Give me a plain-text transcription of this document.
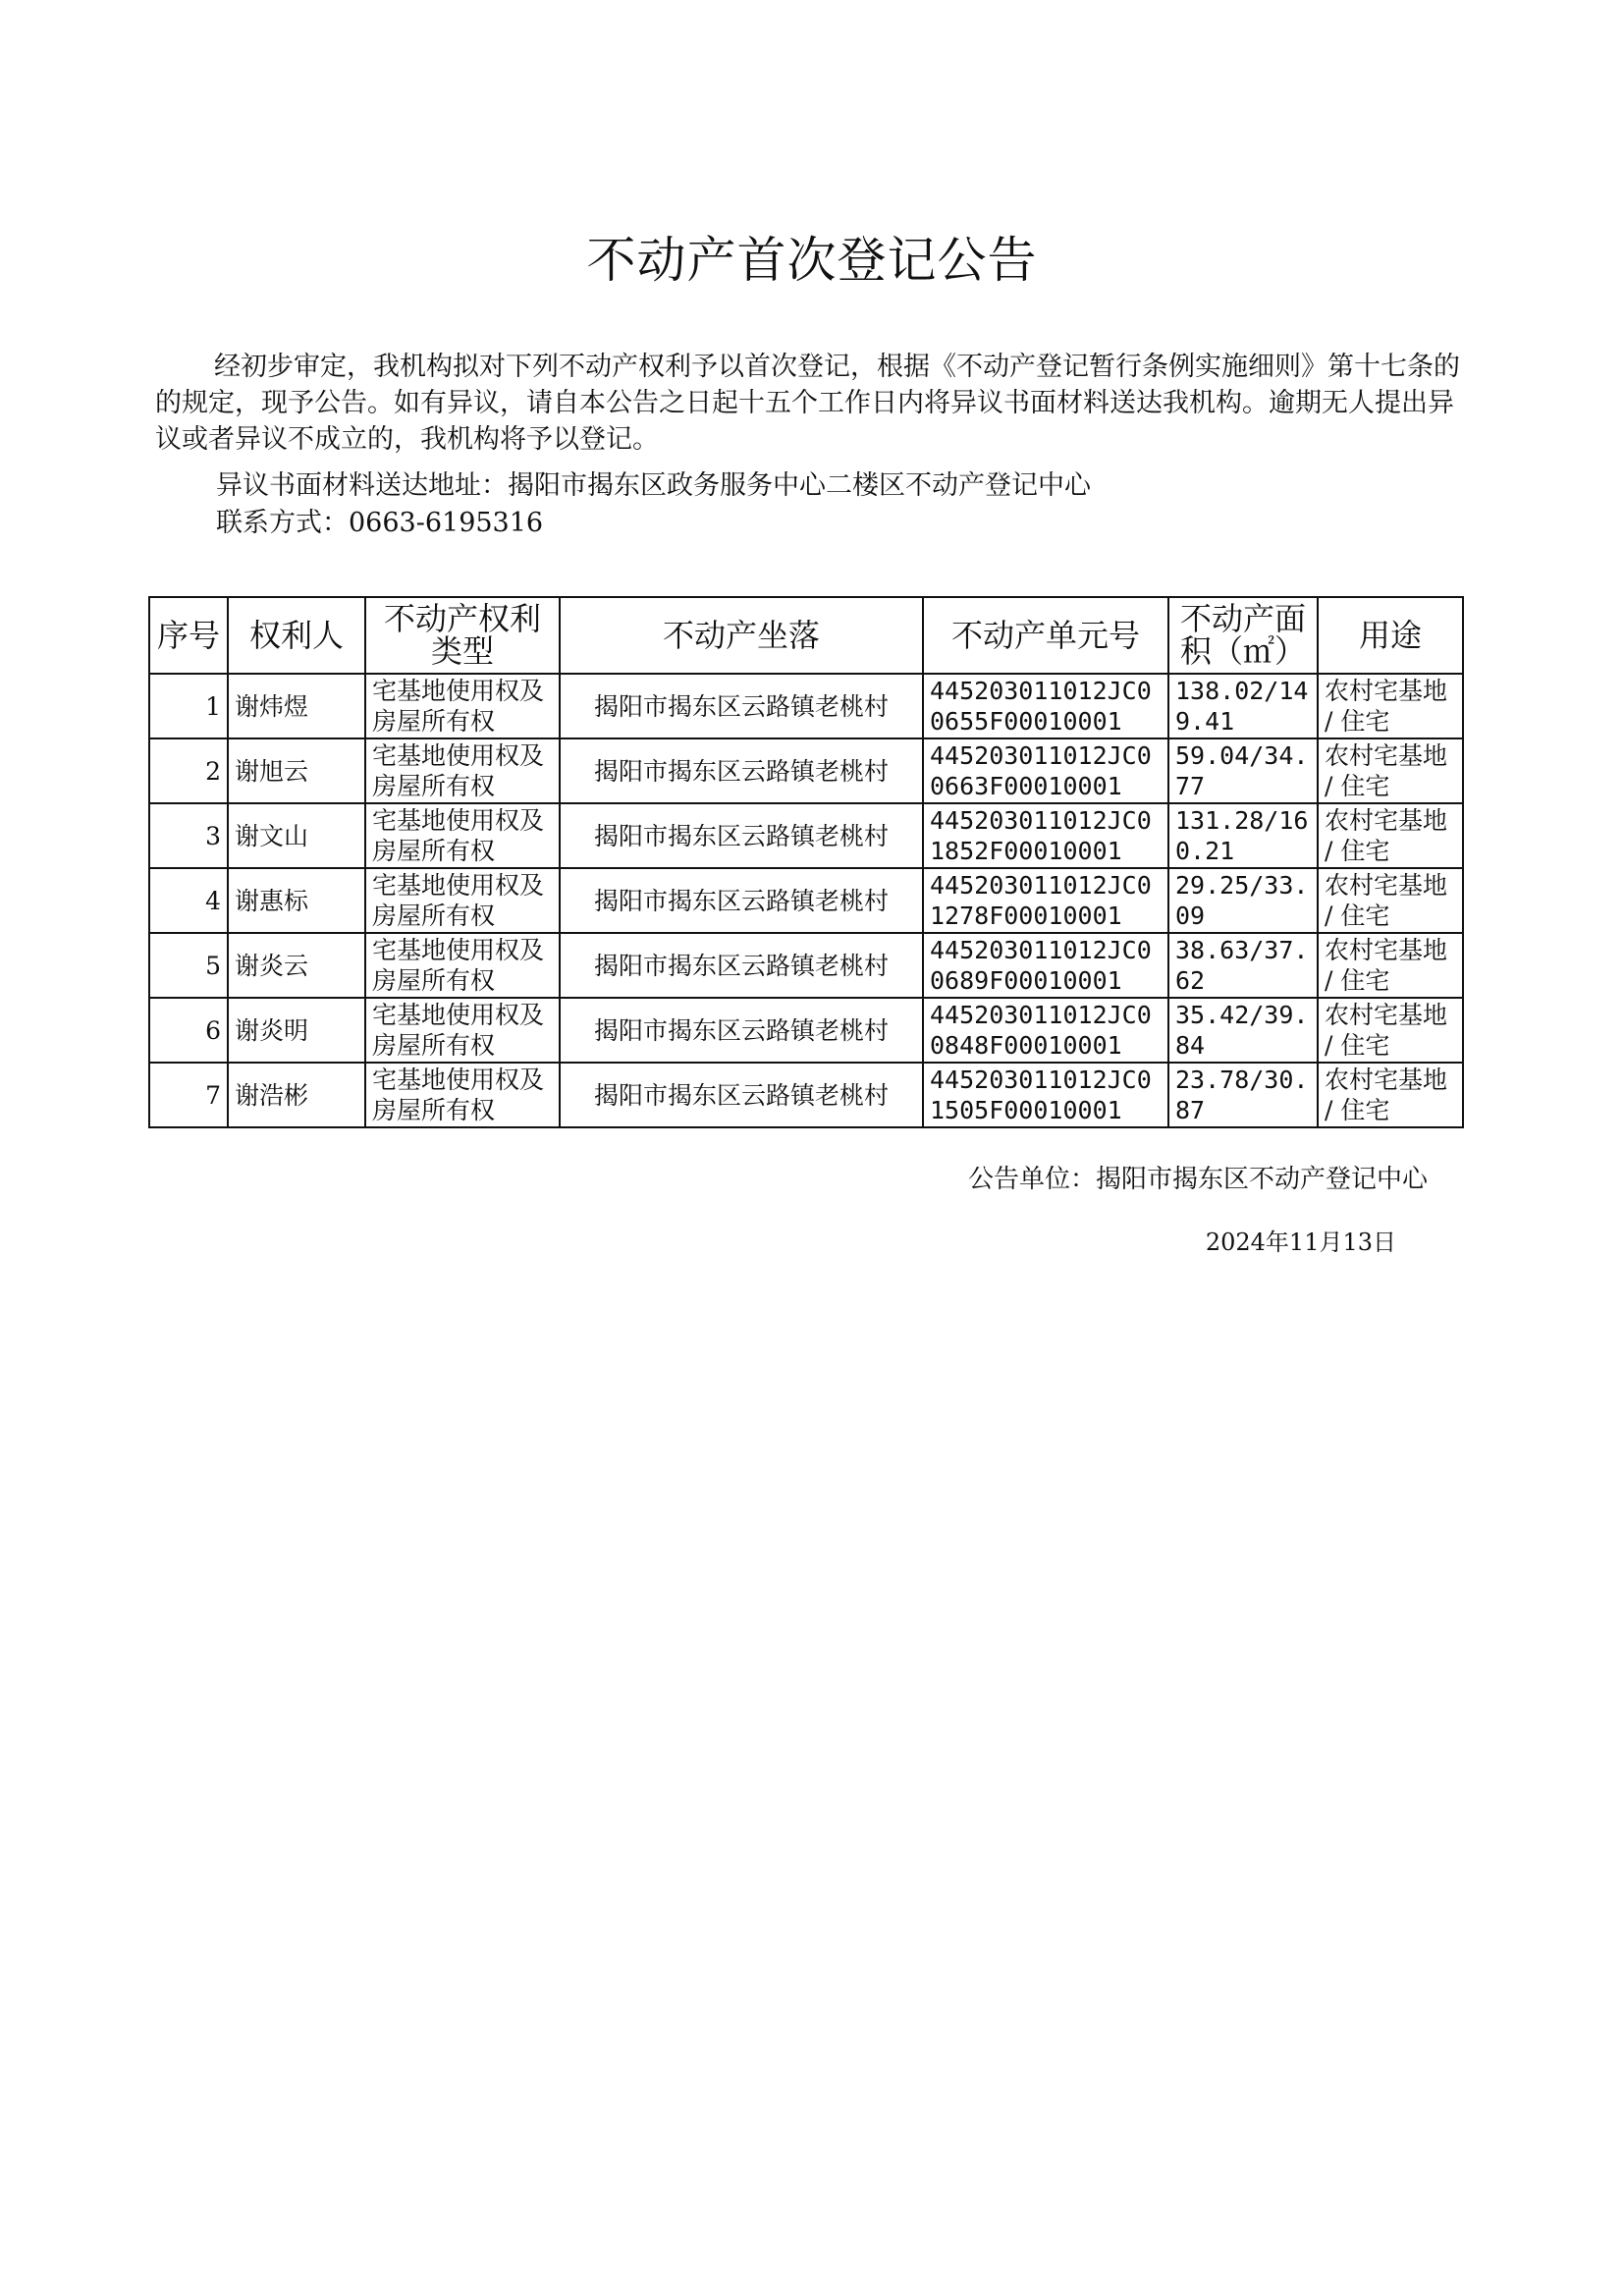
不动产首次登记公告

经初步审定，我机构拟对下列不动产权利予以首次登记，根据《不动产登记暂行条例实施细则》第十七条的的规定，现予公告。如有异议，请自本公告之日起十五个工作日内将异议书面材料送达我机构。逾期无人提出异议或者异议不成立的，我机构将予以登记。

异议书面材料送达地址：揭阳市揭东区政务服务中心二楼区不动产登记中心
联系方式：0663-6195316
序号	权利人	不动产权利类型	不动产坐落	不动产单元号	不动产面积（㎡）	用途
1	谢炜煜	宅基地使用权及房屋所有权	揭阳市揭东区云路镇老桃村	445203011012JC00655F00010001	138.02/149.41	农村宅基地 / 住宅
2	谢旭云	宅基地使用权及房屋所有权	揭阳市揭东区云路镇老桃村	445203011012JC00663F00010001	59.04/34.77	农村宅基地 / 住宅
3	谢文山	宅基地使用权及房屋所有权	揭阳市揭东区云路镇老桃村	445203011012JC01852F00010001	131.28/160.21	农村宅基地 / 住宅
4	谢惠标	宅基地使用权及房屋所有权	揭阳市揭东区云路镇老桃村	445203011012JC01278F00010001	29.25/33.09	农村宅基地 / 住宅
5	谢炎云	宅基地使用权及房屋所有权	揭阳市揭东区云路镇老桃村	445203011012JC00689F00010001	38.63/37.62	农村宅基地 / 住宅
6	谢炎明	宅基地使用权及房屋所有权	揭阳市揭东区云路镇老桃村	445203011012JC00848F00010001	35.42/39.84	农村宅基地 / 住宅
7	谢浩彬	宅基地使用权及房屋所有权	揭阳市揭东区云路镇老桃村	445203011012JC01505F00010001	23.78/30.87	农村宅基地 / 住宅
公告单位：揭阳市揭东区不动产登记中心
2024年11月13日
